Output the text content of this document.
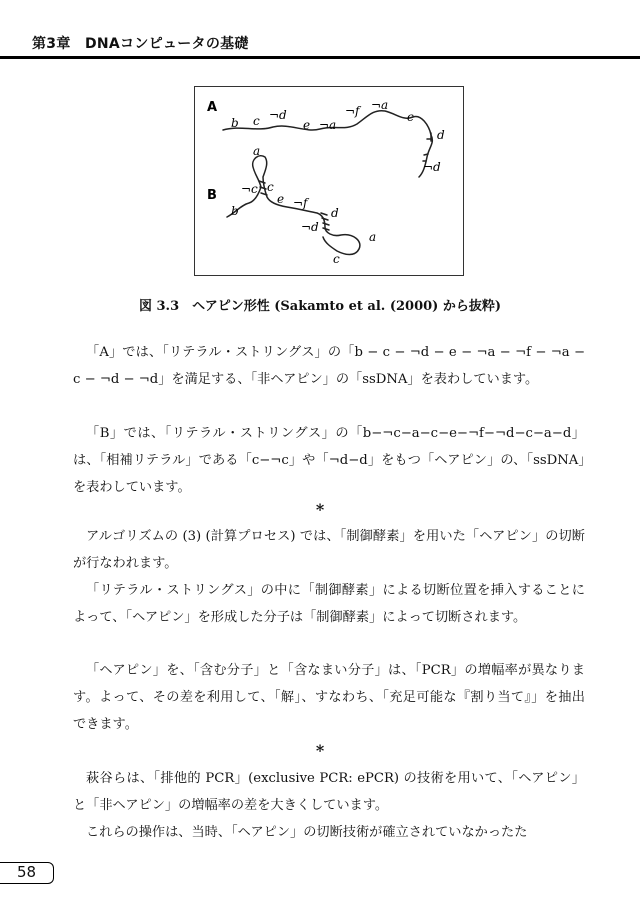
第3章　DNAコンピュータの基礎
A
b c ¬d
e ¬a
¬f ¬a
c
d
¬d
B
a
¬c c
b
e ¬f
d
¬d
a
c
図 3.3　ヘアピン形性 (Sakamto et al. (2000) から抜粋)

「A」では、「リテラル・ストリングス」の「b − c − ¬d − e − ¬a − ¬f − ¬a − c − ¬d − ¬d」を満足する、「非ヘアピン」の「ssDNA」を表わしています。

「B」では、「リテラル・ストリングス」の「b−¬c−a−c−e−¬f−¬d−c−a−d」は、「相補リテラル」である「c−¬c」や「¬d−d」をもつ「ヘアピン」の、「ssDNA」を表わしています。

*

アルゴリズムの (3) (計算プロセス) では、「制御酵素」を用いた「ヘアピン」の切断が行なわれます。

「リテラル・ストリングス」の中に「制御酵素」による切断位置を挿入することによって、「ヘアピン」を形成した分子は「制御酵素」によって切断されます。

「ヘアピン」を、「含む分子」と「含なまい分子」は、「PCR」の増幅率が異なります。よって、その差を利用して、「解」、すなわち、「充足可能な『割り当て』」を抽出できます。

*

萩谷らは、「排他的 PCR」(exclusive PCR: ePCR) の技術を用いて、「ヘアピン」と「非ヘアピン」の増幅率の差を大きくしています。

これらの操作は、当時、「ヘアピン」の切断技術が確立されていなかったた

58
